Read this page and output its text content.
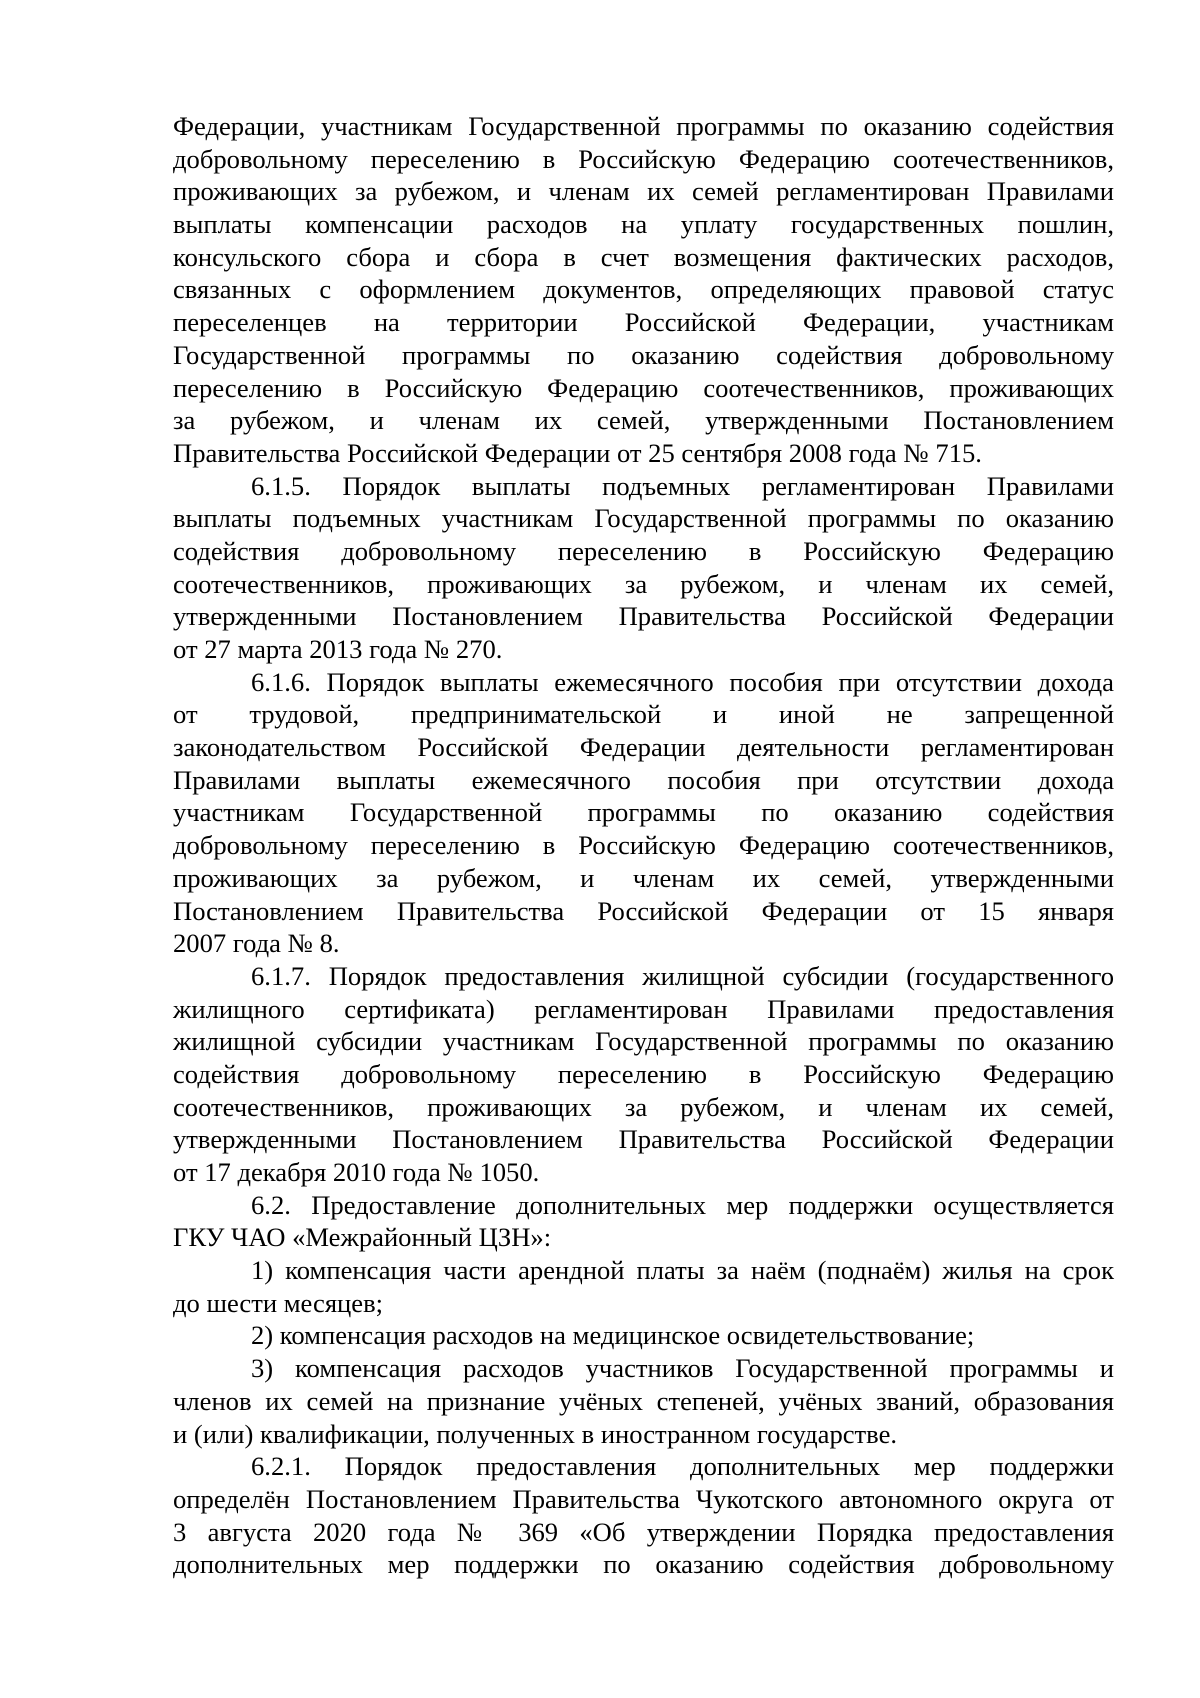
Федерации, участникам Государственной программы по оказанию содействия
добровольному переселению в Российскую Федерацию соотечественников,
проживающих за рубежом, и членам их семей регламентирован Правилами
выплаты компенсации расходов на уплату государственных пошлин,
консульского сбора и сбора в счет возмещения фактических расходов,
связанных с оформлением документов, определяющих правовой статус
переселенцев на территории Российской Федерации, участникам
Государственной программы по оказанию содействия добровольному
переселению в Российскую Федерацию соотечественников, проживающих
за рубежом, и членам их семей, утвержденными Постановлением
Правительства Российской Федерации от 25 сентября 2008 года № 715.
6.1.5. Порядок выплаты подъемных регламентирован Правилами
выплаты подъемных участникам Государственной программы по оказанию
содействия добровольному переселению в Российскую Федерацию
соотечественников, проживающих за рубежом, и членам их семей,
утвержденными Постановлением Правительства Российской Федерации
от 27 марта 2013 года № 270.
6.1.6. Порядок выплаты ежемесячного пособия при отсутствии дохода
от трудовой, предпринимательской и иной не запрещенной
законодательством Российской Федерации деятельности регламентирован
Правилами выплаты ежемесячного пособия при отсутствии дохода
участникам Государственной программы по оказанию содействия
добровольному переселению в Российскую Федерацию соотечественников,
проживающих за рубежом, и членам их семей, утвержденными
Постановлением Правительства Российской Федерации от 15 января
2007 года № 8.
6.1.7. Порядок предоставления жилищной субсидии (государственного
жилищного сертификата) регламентирован Правилами предоставления
жилищной субсидии участникам Государственной программы по оказанию
содействия добровольному переселению в Российскую Федерацию
соотечественников, проживающих за рубежом, и членам их семей,
утвержденными Постановлением Правительства Российской Федерации
от 17 декабря 2010 года № 1050.
6.2. Предоставление дополнительных мер поддержки осуществляется
ГКУ ЧАО «Межрайонный ЦЗН»:
1) компенсация части арендной платы за наём (поднаём) жилья на срок
до шести месяцев;
2) компенсация расходов на медицинское освидетельствование;
3) компенсация расходов участников Государственной программы и
членов их семей на признание учёных степеней, учёных званий, образования
и (или) квалификации, полученных в иностранном государстве.
6.2.1. Порядок предоставления дополнительных мер поддержки
определён Постановлением Правительства Чукотского автономного округа от
3 августа 2020 года № 369 «Об утверждении Порядка предоставления
дополнительных мер поддержки по оказанию содействия добровольному
